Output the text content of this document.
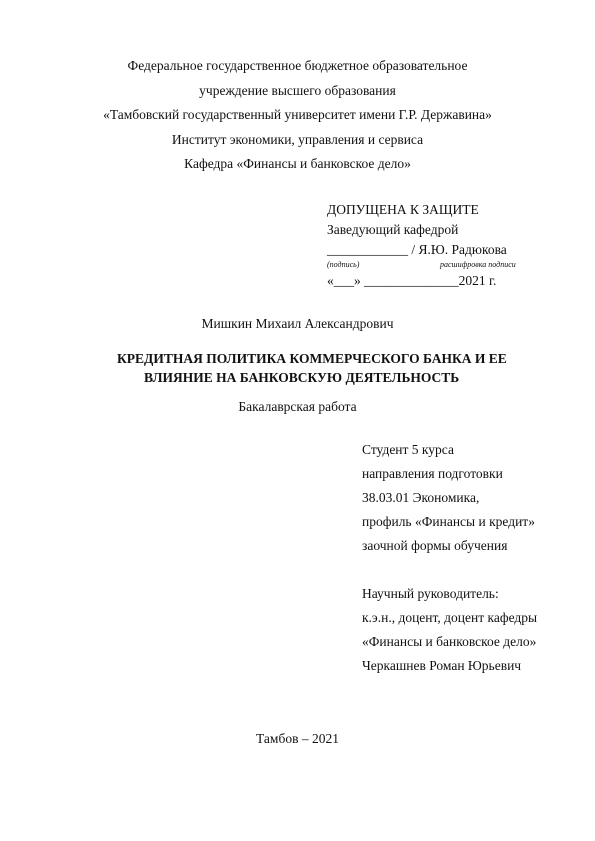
Федеральное государственное бюджетное образовательное
учреждение высшего образования
«Тамбовский государственный университет имени Г.Р. Державина»
Институт экономики, управления и сервиса
Кафедра «Финансы и банковское дело»
ДОПУЩЕНА К ЗАЩИТЕ
Заведующий кафедрой
____________ / Я.Ю. Радюкова
(подпись)	расшифровка подписи
«___» ______________2021 г.
Мишкин Михаил Александрович
КРЕДИТНАЯ ПОЛИТИКА КОММЕРЧЕСКОГО БАНКА И ЕЕ
ВЛИЯНИЕ НА БАНКОВСКУЮ ДЕЯТЕЛЬНОСТЬ
Бакалаврская работа
Студент 5 курса
направления подготовки
38.03.01 Экономика,
профиль «Финансы и кредит»
заочной формы обучения
Научный руководитель:
к.э.н., доцент, доцент кафедры
«Финансы и банковское дело»
Черкашнев Роман Юрьевич
Тамбов – 2021
